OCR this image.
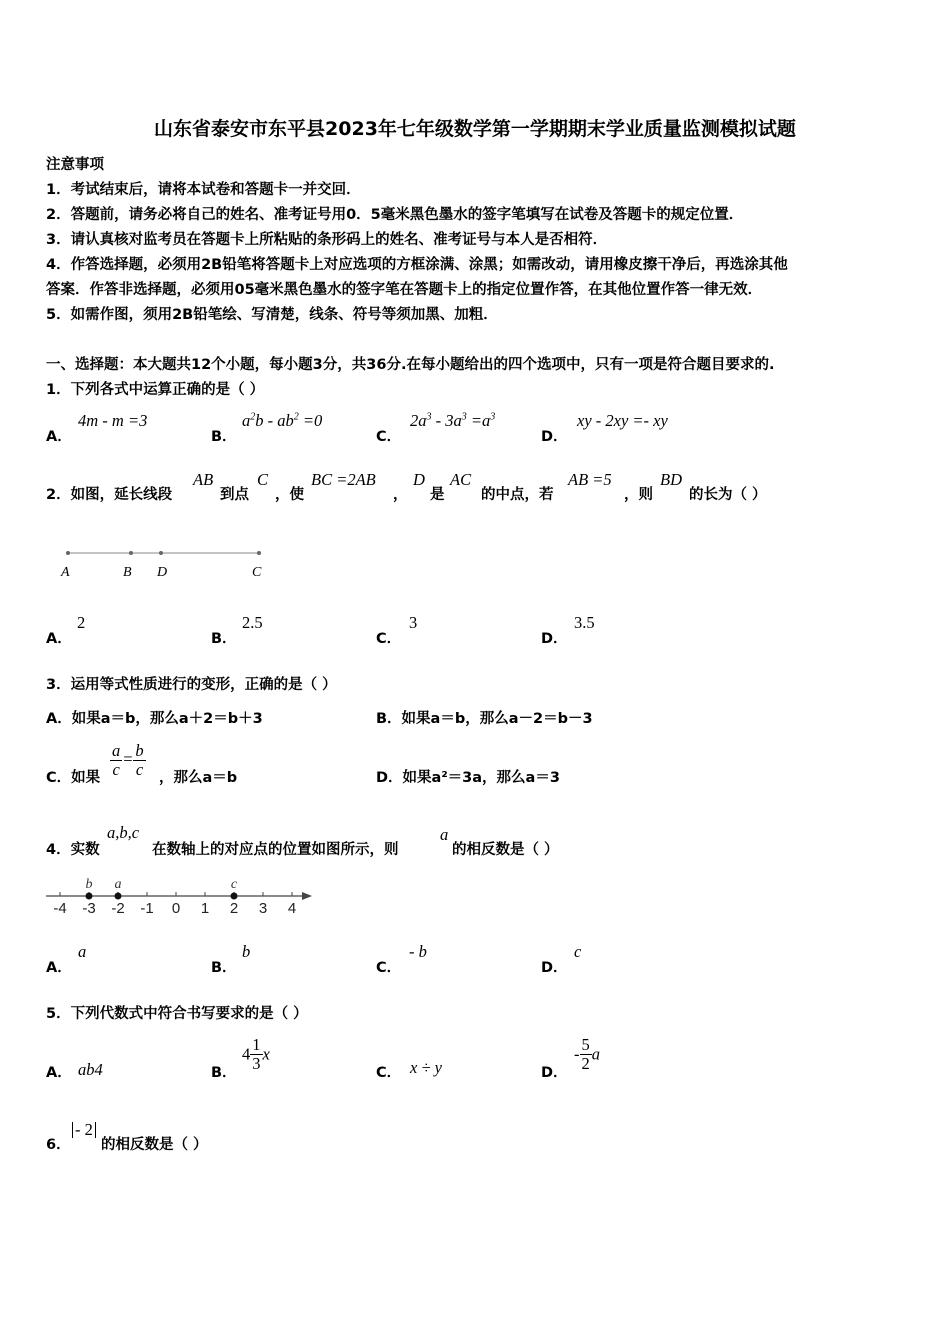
山东省泰安市东平县2023年七年级数学第一学期期末学业质量监测模拟试题
注意事项
1．考试结束后，请将本试卷和答题卡一并交回．
2．答题前，请务必将自己的姓名、准考证号用0．5毫米黑色墨水的签字笔填写在试卷及答题卡的规定位置．
3．请认真核对监考员在答题卡上所粘贴的条形码上的姓名、准考证号与本人是否相符．
4．作答选择题，必须用2B铅笔将答题卡上对应选项的方框涂满、涂黑；如需改动，请用橡皮擦干净后，再选涂其他
答案．作答非选择题，必须用05毫米黑色墨水的签字笔在答题卡上的指定位置作答，在其他位置作答一律无效．
5．如需作图，须用2B铅笔绘、写清楚，线条、符号等须加黑、加粗．
一、选择题：本大题共12个小题，每小题3分，共36分.在每小题给出的四个选项中，只有一项是符合题目要求的.
1．下列各式中运算正确的是（ ）
A．
4m - m =3
B．
$a^2b - ab^2 =0$
C．
$2a^3 - 3a^3 =a^3$
D．
xy - 2xy =- xy
2．如图，延长线段
AB
到点
C
，使
BC =2AB
，
D
是
AC
的中点，若
AB =5
，则
BD
的长为（ ）
A	B D	C
A．
2
B．
2.5
C．
3
D．
3.5
3．运用等式性质进行的变形，正确的是（ ）
A．如果a＝b，那么a＋2＝b＋3	B．如果a＝b，那么a－2＝b－3
C．如果 $\frac{a}{c} = \frac{b}{c}$ ，那么a＝b	D．如果a²＝3a，那么a＝3
4．实数
a,b,c
在数轴上的对应点的位置如图所示，则
a
的相反数是（ ）
-4 -3 -2 -1 0 1 2 3 4
b a	c
A．
a
B．
b
C．
- b
D．
c
5．下列代数式中符合书写要求的是（ ）
A． ab4	B．
$4 \frac{1}{3}$ x
C． x ÷ y	D．
- $\frac{5}{2}$ a
6．
- 2
的相反数是（ ）
